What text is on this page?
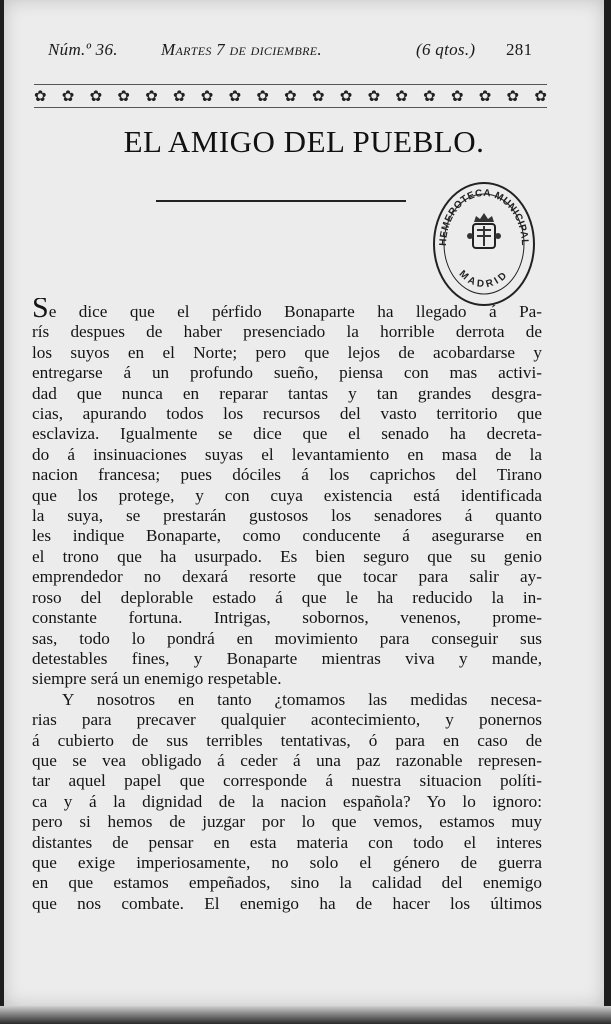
Núm.º 36.	Martes 7 de diciembre.	(6 qtos.) 281
✿ ✿ ✿ ✿ ✿ ✿ ✿ ✿ ✿ ✿ ✿ ✿ ✿ ✿ ✿ ✿ ✿ ✿ ✿
EL AMIGO DEL PUEBLO.
HEMEROTECA MUNICIPAL
MADRID
Se dice que el pérfido Bonaparte ha llegado á Pa-
rís despues de haber presenciado la horrible derrota de
los suyos en el Norte; pero que lejos de acobardarse y
entregarse á un profundo sueño, piensa con mas activi-
dad que nunca en reparar tantas y tan grandes desgra-
cias, apurando todos los recursos del vasto territorio que
esclaviza. Igualmente se dice que el senado ha decreta-
do á insinuaciones suyas el levantamiento en masa de la
nacion francesa; pues dóciles á los caprichos del Tirano
que los protege, y con cuya existencia está identificada
la suya, se prestarán gustosos los senadores á quanto
les indique Bonaparte, como conducente á asegurarse en
el trono que ha usurpado. Es bien seguro que su genio
emprendedor no dexará resorte que tocar para salir ay-
roso del deplorable estado á que le ha reducido la in-
constante fortuna. Intrigas, sobornos, venenos, prome-
sas, todo lo pondrá en movimiento para conseguir sus
detestables fines, y Bonaparte mientras viva y mande,
siempre será un enemigo respetable.
Y nosotros en tanto ¿tomamos las medidas necesa-
rias para precaver qualquier acontecimiento, y ponernos
á cubierto de sus terribles tentativas, ó para en caso de
que se vea obligado á ceder á una paz razonable represen-
tar aquel papel que corresponde á nuestra situacion políti-
ca y á la dignidad de la nacion española? Yo lo ignoro:
pero si hemos de juzgar por lo que vemos, estamos muy
distantes de pensar en esta materia con todo el interes
que exige imperiosamente, no solo el género de guerra
en que estamos empeñados, sino la calidad del enemigo
que nos combate. El enemigo ha de hacer los últimos
